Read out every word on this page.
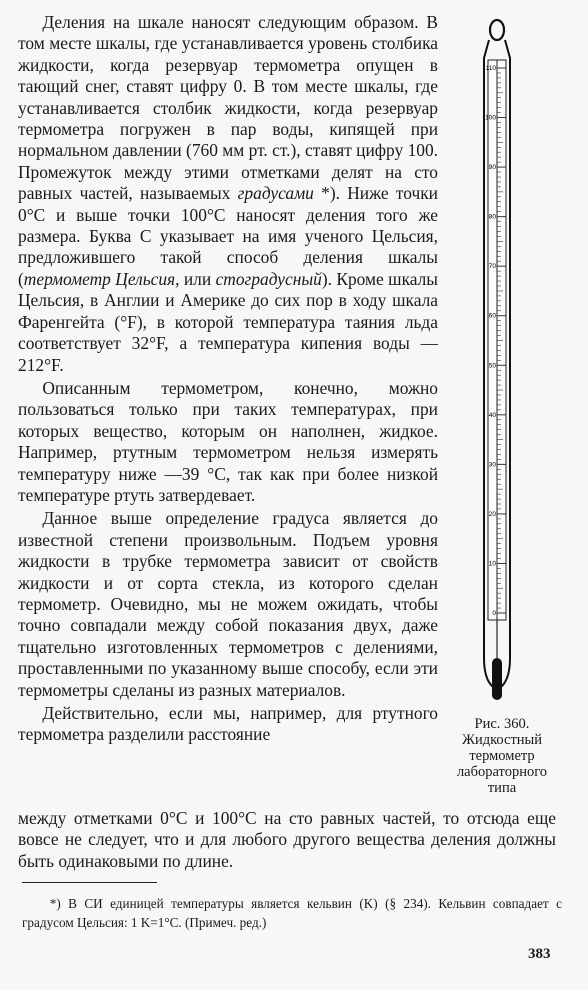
Деления на шкале наносят следующим образом. В том месте шкалы, где устанавливается уровень столбика жидкости, когда резервуар термометра опущен в тающий снег, ставят цифру 0. В том месте шкалы, где устанавливается столбик жидкости, когда резервуар термометра погружен в пар воды, кипящей при нормальном давлении (760 мм рт. ст.), ставят цифру 100. Промежуток между этими отметками делят на сто равных частей, называемых градусами *). Ниже точки 0°C и выше точки 100°C наносят деления того же размера. Буква C указывает на имя ученого Цельсия, предложившего такой способ деления шкалы (термометр Цельсия, или стоградусный). Кроме шкалы Цельсия, в Англии и Америке до сих пор в ходу шкала Фаренгейта (°F), в которой температура таяния льда соответствует 32°F, а температура кипения воды — 212°F.

Описанным термометром, конечно, можно пользоваться только при таких температурах, при которых вещество, которым он наполнен, жидкое. Например, ртутным термометром нельзя измерять температуру ниже —39 °C, так как при более низкой температуре ртуть затвердевает.

Данное выше определение градуса является до известной степени произвольным. Подъем уровня жидкости в трубке термометра зависит от свойств жидкости и от сорта стекла, из которого сделан термометр. Очевидно, мы не можем ожидать, чтобы точно совпадали между собой показания двух, даже тщательно изготовленных термометров с делениями, проставленными по указанному выше способу, если эти термометры сделаны из разных материалов.

Действительно, если мы, например, для ртутного термометра разделили расстояние

между отметками 0°C и 100°C на сто равных частей, то отсюда еще вовсе не следует, что и для любого другого вещества деления должны быть одинаковыми по длине.
0
10
20
30
40
50
60
70
80
90
100
110
Рис. 360.
Жидкостный термометр лабораторного типа
*) В СИ единицей температуры является кельвин (K) (§ 234). Кельвин совпадает с градусом Цельсия: 1 K=1°C. (Примеч. ред.)
383
